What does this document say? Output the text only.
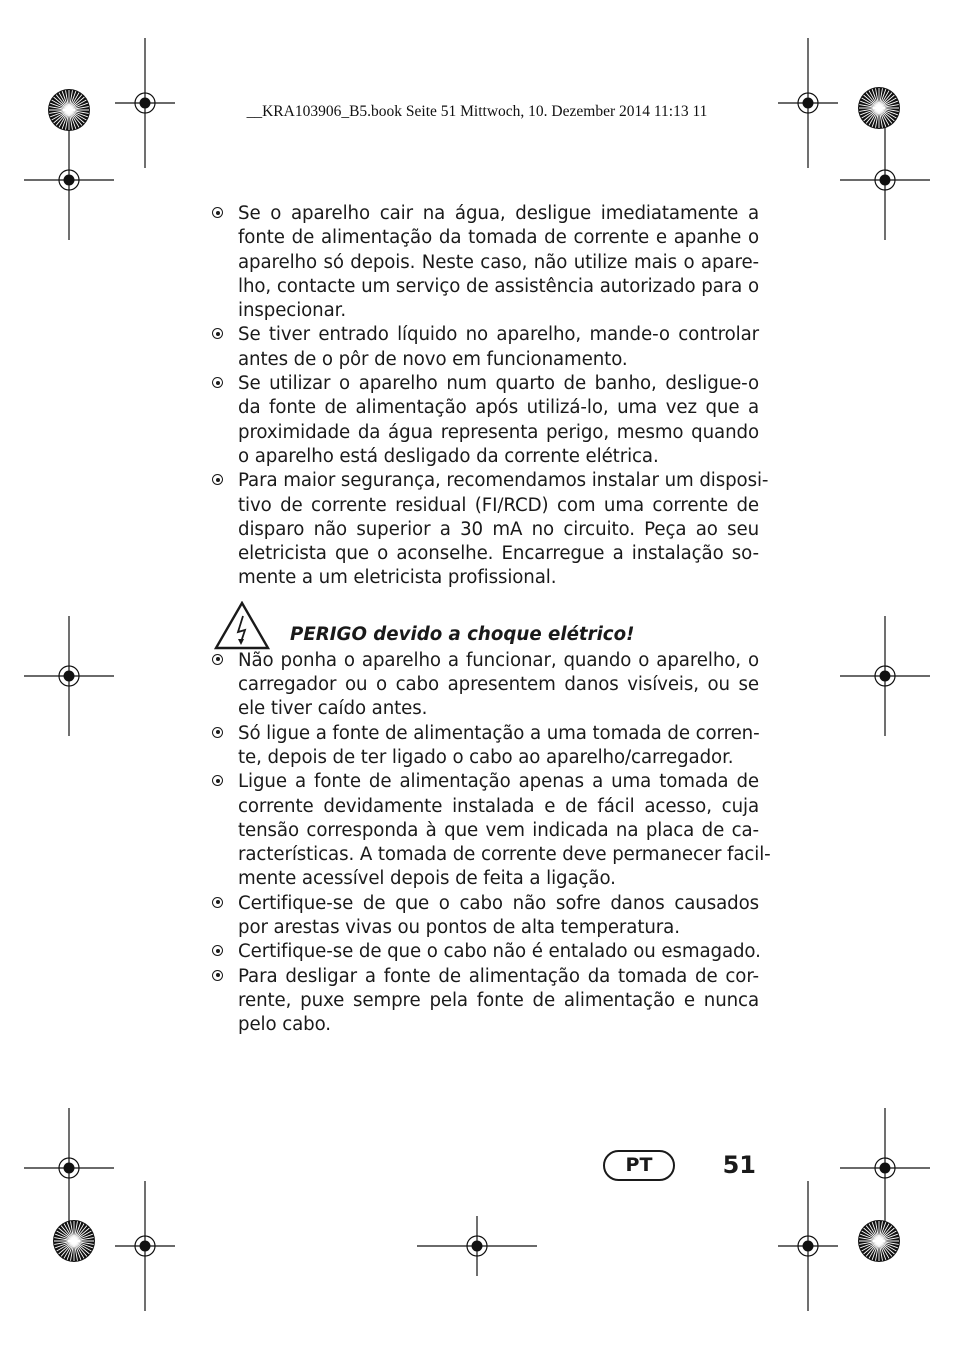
__KRA103906_B5.book Seite 51 Mittwoch, 10. Dezember 2014 11:13 11
Se o aparelho cair na água, desligue imediatamente a
fonte de alimentação da tomada de corrente e apanhe o
aparelho só depois. Neste caso, não utilize mais o apare-
lho, contacte um serviço de assistência autorizado para o
inspecionar.
Se tiver entrado líquido no aparelho, mande-o controlar
antes de o pôr de novo em funcionamento.
Se utilizar o aparelho num quarto de banho, desligue-o
da fonte de alimentação após utilizá-lo, uma vez que a
proximidade da água representa perigo, mesmo quando
o aparelho está desligado da corrente elétrica.
Para maior segurança, recomendamos instalar um disposi-
tivo de corrente residual (FI/RCD) com uma corrente de
disparo não superior a 30 mA no circuito. Peça ao seu
eletricista que o aconselhe. Encarregue a instalação so-
mente a um eletricista profissional.
PERIGO devido a choque elétrico!
Não ponha o aparelho a funcionar, quando o aparelho, o
carregador ou o cabo apresentem danos visíveis, ou se
ele tiver caído antes.
Só ligue a fonte de alimentação a uma tomada de corren-
te, depois de ter ligado o cabo ao aparelho/carregador.
Ligue a fonte de alimentação apenas a uma tomada de
corrente devidamente instalada e de fácil acesso, cuja
tensão corresponda à que vem indicada na placa de ca-
racterísticas. A tomada de corrente deve permanecer facil-
mente acessível depois de feita a ligação.
Certifique-se de que o cabo não sofre danos causados
por arestas vivas ou pontos de alta temperatura.
Certifique-se de que o cabo não é entalado ou esmagado.
Para desligar a fonte de alimentação da tomada de cor-
rente, puxe sempre pela fonte de alimentação e nunca
pelo cabo.
PT	51
